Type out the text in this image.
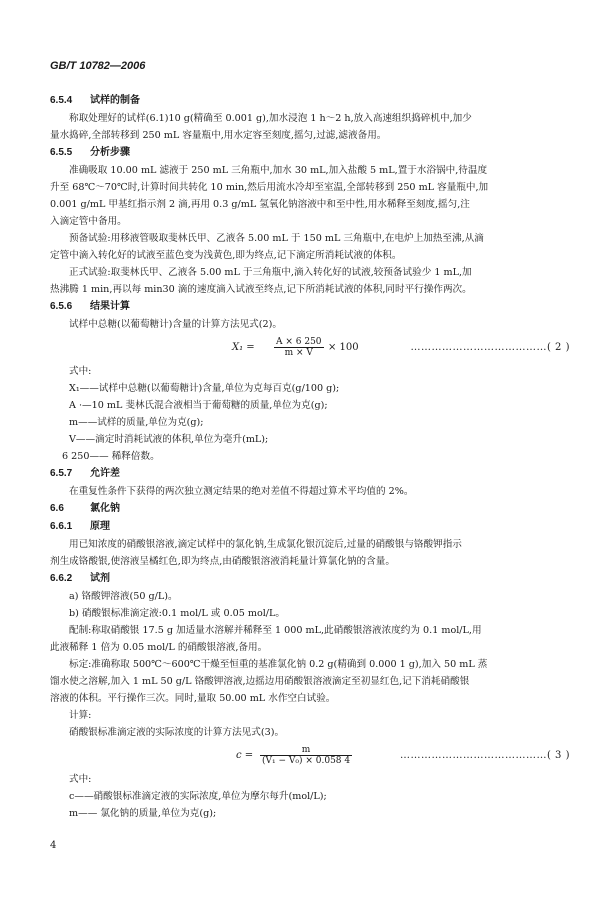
GB/T 10782—2006
6.5.4 试样的制备
称取处理好的试样(6.1)10 g(精确至 0.001 g),加水浸泡 1 h～2 h,放入高速组织捣碎机中,加少
量水捣碎,全部转移到 250 mL 容量瓶中,用水定容至刻度,摇匀,过滤,滤液备用。
6.5.5 分析步骤
准确吸取 10.00 mL 滤液于 250 mL 三角瓶中,加水 30 mL,加入盐酸 5 mL,置于水浴锅中,待温度
升至 68℃～70℃时,计算时间共转化 10 min,然后用流水冷却至室温,全部转移到 250 mL 容量瓶中,加
0.001 g/mL 甲基红指示剂 2 滴,再用 0.3 g/mL 氢氧化钠溶液中和至中性,用水稀释至刻度,摇匀,注
入滴定管中备用。
预备试验:用移液管吸取斐林氏甲、乙液各 5.00 mL 于 150 mL 三角瓶中,在电炉上加热至沸,从滴
定管中滴入转化好的试液至蓝色变为浅黄色,即为终点,记下滴定所消耗试液的体积。
正式试验:取斐林氏甲、乙液各 5.00 mL 于三角瓶中,滴入转化好的试液,较预备试验少 1 mL,加
热沸腾 1 min,再以每 min30 滴的速度滴入试液至终点,记下所消耗试液的体积,同时平行操作两次。
6.5.6 结果计算
试样中总糖(以葡萄糖计)含量的计算方法见式(2)。
$X_1 = \frac{A \times 6 250}{m \times V} \times 100$	…………………………………( 2 )
式中:
X₁——试样中总糖(以葡萄糖计)含量,单位为克每百克(g/100 g);
A ·—10 mL 斐林氏混合液相当于葡萄糖的质量,单位为克(g);
m——试样的质量,单位为克(g);
V——滴定时消耗试液的体积,单位为毫升(mL);
6 250—— 稀释倍数。
6.5.7 允许差
在重复性条件下获得的两次独立测定结果的绝对差值不得超过算术平均值的 2%。
6.6	氯化钠
6.6.1 原理
用已知浓度的硝酸银溶液,滴定试样中的氯化钠,生成氯化银沉淀后,过量的硝酸银与铬酸钾指示
剂生成铬酸银,使溶液呈橘红色,即为终点,由硝酸银溶液消耗量计算氯化钠的含量。
6.6.2 试剂
a) 铬酸钾溶液(50 g/L)。
b) 硝酸银标准滴定液:0.1 mol/L 或 0.05 mol/L。
配制:称取硝酸银 17.5 g 加适量水溶解并稀释至 1 000 mL,此硝酸银溶液浓度约为 0.1 mol/L,用
此液稀释 1 倍为 0.05 mol/L 的硝酸银溶液,备用。
标定:准确称取 500℃～600℃干燥至恒重的基准氯化钠 0.2 g(精确到 0.000 1 g),加入 50 mL 蒸
馏水使之溶解,加入 1 mL 50 g/L 铬酸钾溶液,边摇边用硝酸银溶液滴定至初显红色,记下消耗硝酸银
溶液的体积。平行操作三次。同时,量取 50.00 mL 水作空白试验。
计算:
硝酸银标准滴定液的实际浓度的计算方法见式(3)。
$c = \frac{m}{\text{(V₁ − V₀) × 0.058 4}}$	……………………………………( 3 )
式中:
c——硝酸银标准滴定液的实际浓度,单位为摩尔每升(mol/L);
m—— 氯化钠的质量,单位为克(g);
4
